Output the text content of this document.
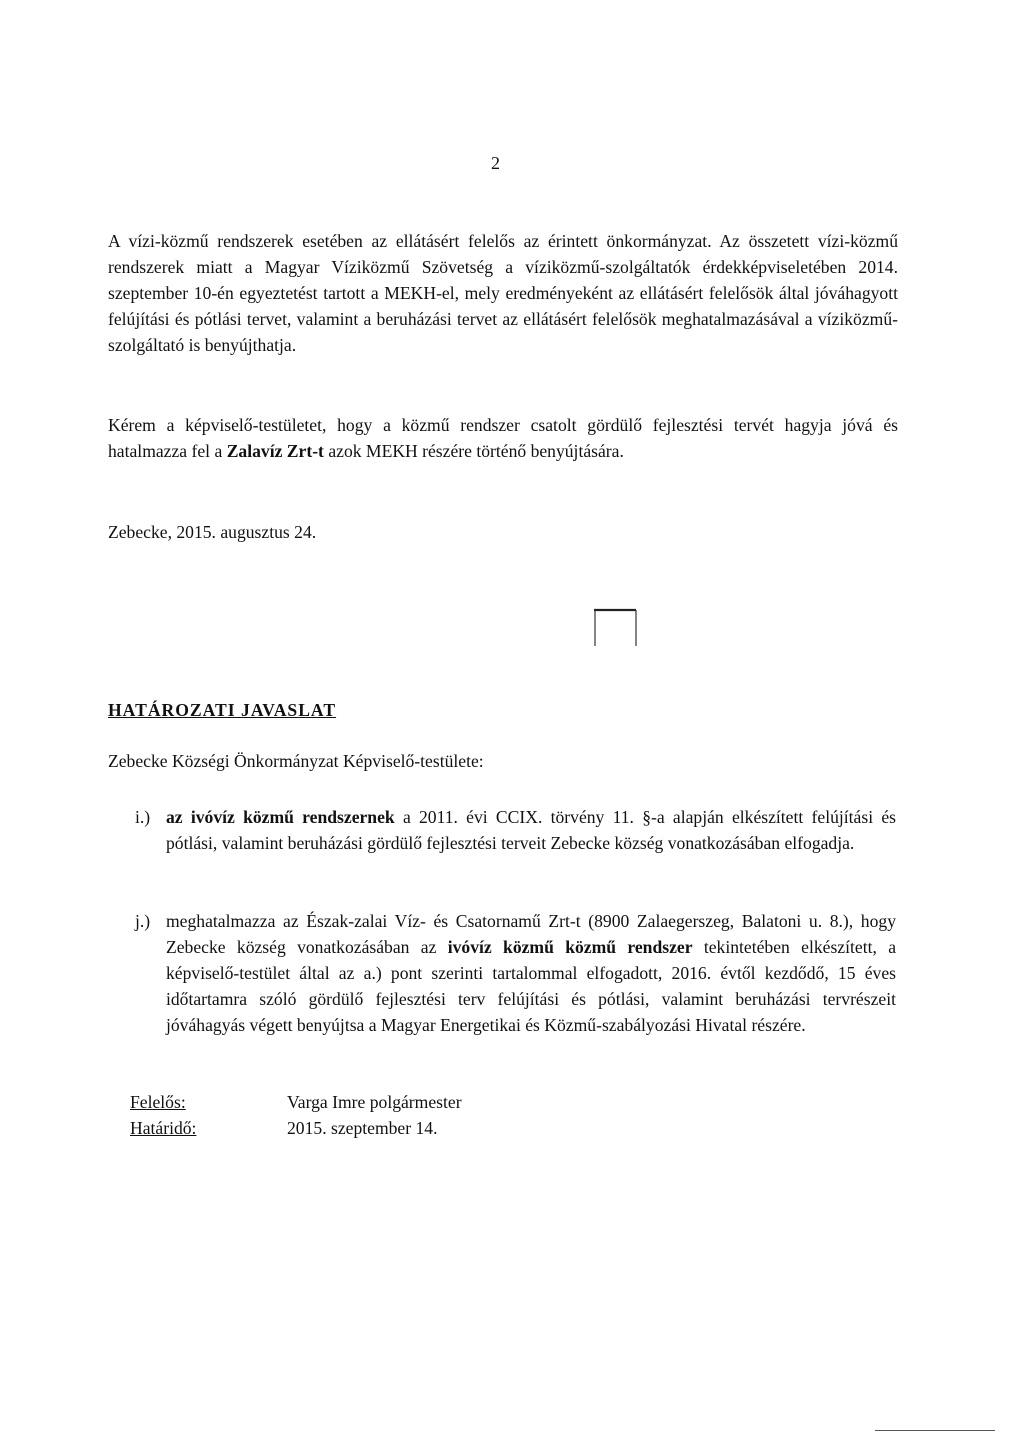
2

A vízi-közmű rendszerek esetében az ellátásért felelős az érintett önkormányzat. Az összetett vízi-közmű rendszerek miatt a Magyar Víziközmű Szövetség a víziközmű-szolgáltatók érdekképviseletében 2014. szeptember 10-én egyeztetést tartott a MEKH-el, mely eredményeként az ellátásért felelősök által jóváhagyott felújítási és pótlási tervet, valamint a beruházási tervet az ellátásért felelősök meghatalmazásával a víziközmű-szolgáltató is benyújthatja.

Kérem a képviselő-testületet, hogy a közmű rendszer csatolt gördülő fejlesztési tervét hagyja jóvá és hatalmazza fel a Zalavíz Zrt-t azok MEKH részére történő benyújtására.

Zebecke, 2015. augusztus 24.
HATÁROZATI JAVASLAT
Zebecke Községi Önkormányzat Képviselő-testülete:
i.) az ivóvíz közmű rendszernek a 2011. évi CCIX. törvény 11. §-a alapján elkészített felújítási és pótlási, valamint beruházási gördülő fejlesztési terveit Zebecke község vonatkozásában elfogadja.

j.) meghatalmazza az Észak-zalai Víz- és Csatornamű Zrt-t (8900 Zalaegerszeg, Balatoni u. 8.), hogy Zebecke község vonatkozásában az ivóvíz közmű közmű rendszer tekintetében elkészített, a képviselő-testület által az a.) pont szerinti tartalommal elfogadott, 2016. évtől kezdődő, 15 éves időtartamra szóló gördülő fejlesztési terv felújítási és pótlási, valamint beruházási tervrészeit jóváhagyás végett benyújtsa a Magyar Energetikai és Közmű-szabályozási Hivatal részére.

Felelős:	Varga Imre polgármester
Határidő:	2015. szeptember 14.
